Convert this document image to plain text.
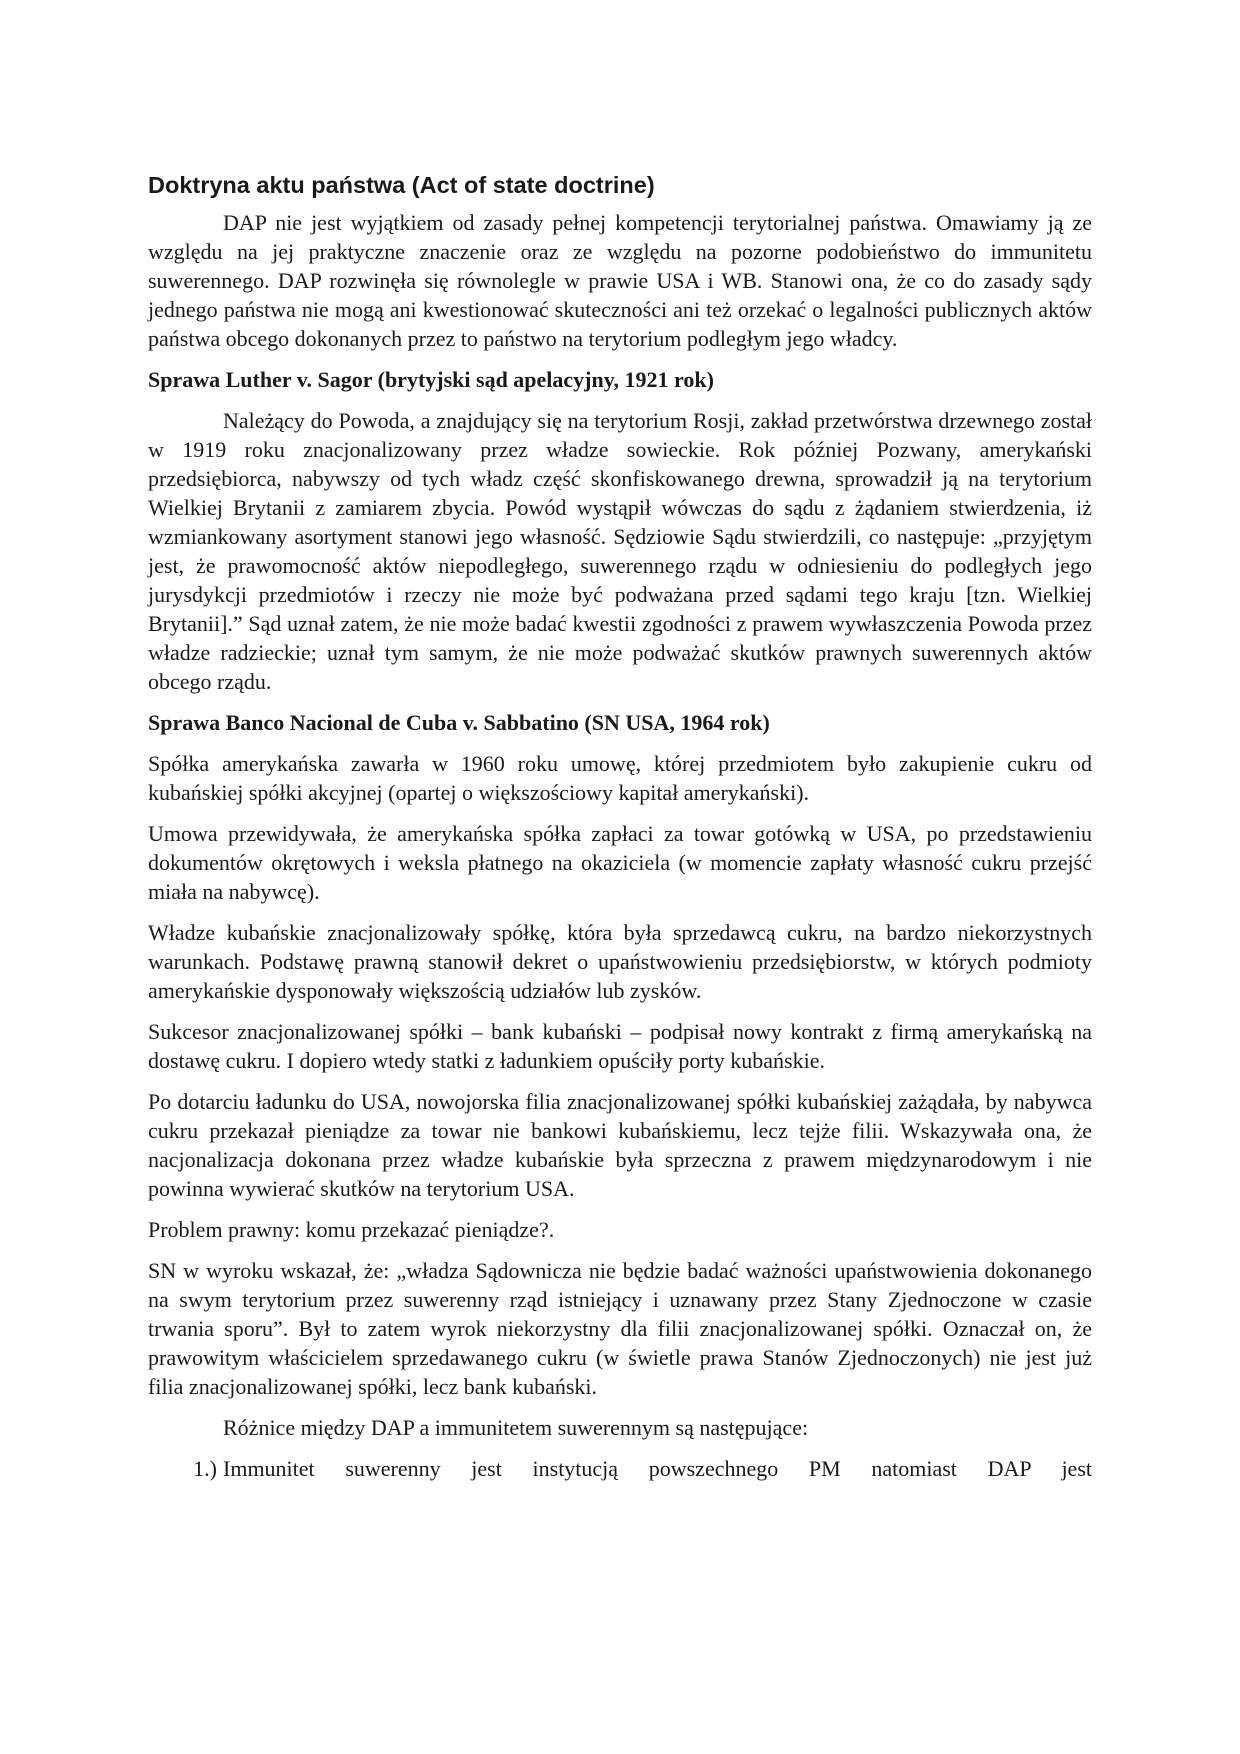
Doktryna aktu państwa (Act of state doctrine)

DAP nie jest wyjątkiem od zasady pełnej kompetencji terytorialnej państwa. Omawiamy ją ze względu na jej praktyczne znaczenie oraz ze względu na pozorne podobieństwo do immunitetu suwerennego. DAP rozwinęła się równolegle w prawie USA i WB. Stanowi ona, że co do zasady sądy jednego państwa nie mogą ani kwestionować skuteczności ani też orzekać o legalności publicznych aktów państwa obcego dokonanych przez to państwo na terytorium podległym jego władcy.

Sprawa Luther v. Sagor (brytyjski sąd apelacyjny, 1921 rok)

Należący do Powoda, a znajdujący się na terytorium Rosji, zakład przetwórstwa drzewnego został w 1919 roku znacjonalizowany przez władze sowieckie. Rok później Pozwany, amerykański przedsiębiorca, nabywszy od tych władz część skonfiskowanego drewna, sprowadził ją na terytorium Wielkiej Brytanii z zamiarem zbycia. Powód wystąpił wówczas do sądu z żądaniem stwierdzenia, iż wzmiankowany asortyment stanowi jego własność. Sędziowie Sądu stwierdzili, co następuje: „przyjętym jest, że prawomocność aktów niepodległego, suwerennego rządu w odniesieniu do podległych jego jurysdykcji przedmiotów i rzeczy nie może być podważana przed sądami tego kraju [tzn. Wielkiej Brytanii].” Sąd uznał zatem, że nie może badać kwestii zgodności z prawem wywłaszczenia Powoda przez władze radzieckie; uznał tym samym, że nie może podważać skutków prawnych suwerennych aktów obcego rządu.

Sprawa Banco Nacional de Cuba v. Sabbatino (SN USA, 1964 rok)

Spółka amerykańska zawarła w 1960 roku umowę, której przedmiotem było zakupienie cukru od kubańskiej spółki akcyjnej (opartej o większościowy kapitał amerykański).

Umowa przewidywała, że amerykańska spółka zapłaci za towar gotówką w USA, po przedstawieniu dokumentów okrętowych i weksla płatnego na okaziciela (w momencie zapłaty własność cukru przejść miała na nabywcę).

Władze kubańskie znacjonalizowały spółkę, która była sprzedawcą cukru, na bardzo niekorzystnych warunkach. Podstawę prawną stanowił dekret o upaństwowieniu przedsiębiorstw, w których podmioty amerykańskie dysponowały większością udziałów lub zysków.

Sukcesor znacjonalizowanej spółki – bank kubański – podpisał nowy kontrakt z firmą amerykańską na dostawę cukru. I dopiero wtedy statki z ładunkiem opuściły porty kubańskie.

Po dotarciu ładunku do USA, nowojorska filia znacjonalizowanej spółki kubańskiej zażądała, by nabywca cukru przekazał pieniądze za towar nie bankowi kubańskiemu, lecz tejże filii. Wskazywała ona, że nacjonalizacja dokonana przez władze kubańskie była sprzeczna z prawem międzynarodowym i nie powinna wywierać skutków na terytorium USA.

Problem prawny: komu przekazać pieniądze?.

SN w wyroku wskazał, że: „władza Sądownicza nie będzie badać ważności upaństwowienia dokonanego na swym terytorium przez suwerenny rząd istniejący i uznawany przez Stany Zjednoczone w czasie trwania sporu”. Był to zatem wyrok niekorzystny dla filii znacjonalizowanej spółki. Oznaczał on, że prawowitym właścicielem sprzedawanego cukru (w świetle prawa Stanów Zjednoczonych) nie jest już filia znacjonalizowanej spółki, lecz bank kubański.

Różnice między DAP a immunitetem suwerennym są następujące:

1.) Immunitet suwerenny jest instytucją powszechnego PM natomiast DAP jest
